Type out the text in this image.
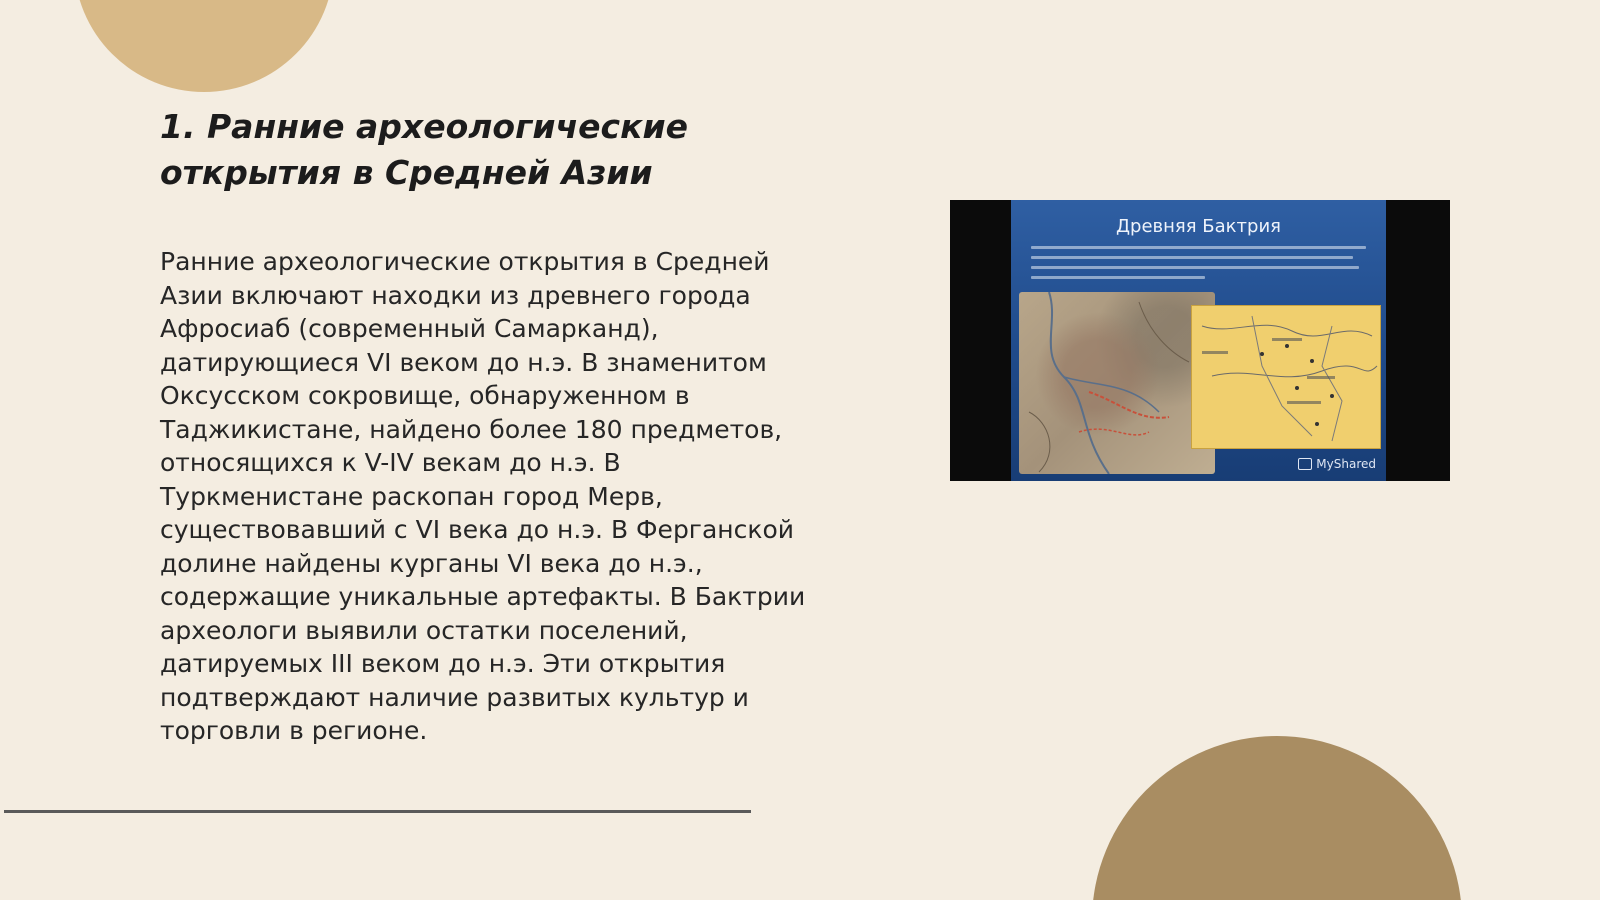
1. Ранние археологические
открытия в Средней Азии

Ранние археологические открытия в Средней
Азии включают находки из древнего города
Афросиаб (современный Самарканд),
датирующиеся VI веком до н.э. В знаменитом
Оксусском сокровище, обнаруженном в
Таджикистане, найдено более 180 предметов,
относящихся к V-IV векам до н.э. В
Туркменистане раскопан город Мерв,
существовавший с VI века до н.э. В Ферганской
долине найдены курганы VI века до н.э.,
содержащие уникальные артефакты. В Бактрии
археологи выявили остатки поселений,
датируемых III веком до н.э. Эти открытия
подтверждают наличие развитых культур и
торговли в регионе.

Древняя Бактрия
MyShared
